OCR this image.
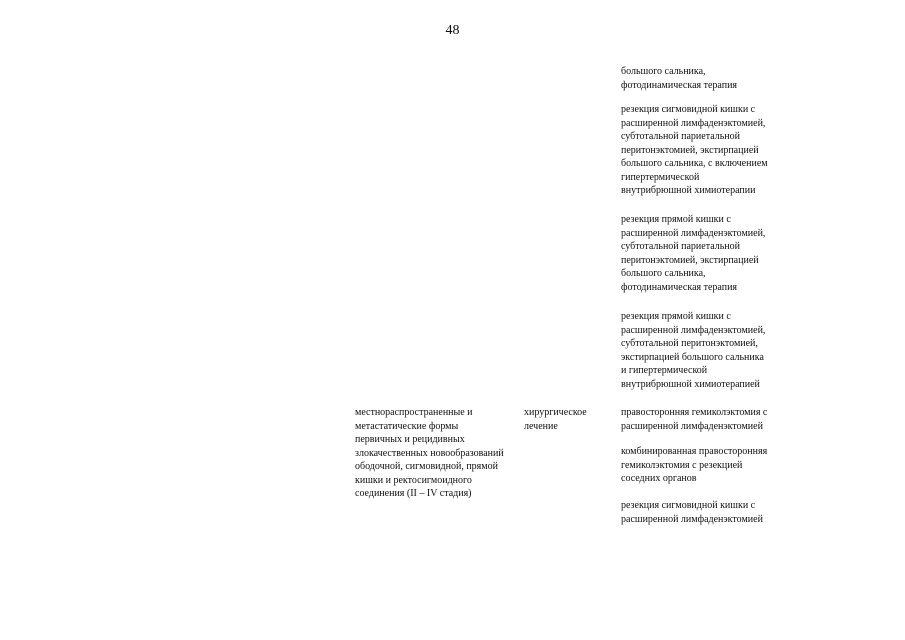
48
большого сальника,
фотодинамическая терапия
резекция сигмовидной кишки с
расширенной лимфаденэктомией,
субтотальной париетальной
перитонэктомией, экстирпацией
большого сальника, с включением
гипертермической
внутрибрюшной химиотерапии
резекция прямой кишки с
расширенной лимфаденэктомией,
субтотальной париетальной
перитонэктомией, экстирпацией
большого сальника,
фотодинамическая терапия
резекция прямой кишки с
расширенной лимфаденэктомией,
субтотальной перитонэктомией,
экстирпацией большого сальника
и гипертермической
внутрибрюшной химиотерапией
местнораспространенные и
метастатические формы
первичных и рецидивных
злокачественных новообразований
ободочной, сигмовидной, прямой
кишки и ректосигмоидного
соединения (II – IV стадия)
хирургическое
лечение
правосторонняя гемиколэктомия с
расширенной лимфаденэктомией
комбинированная правосторонняя
гемиколэктомия с резекцией
соседних органов
резекция сигмовидной кишки с
расширенной лимфаденэктомией
